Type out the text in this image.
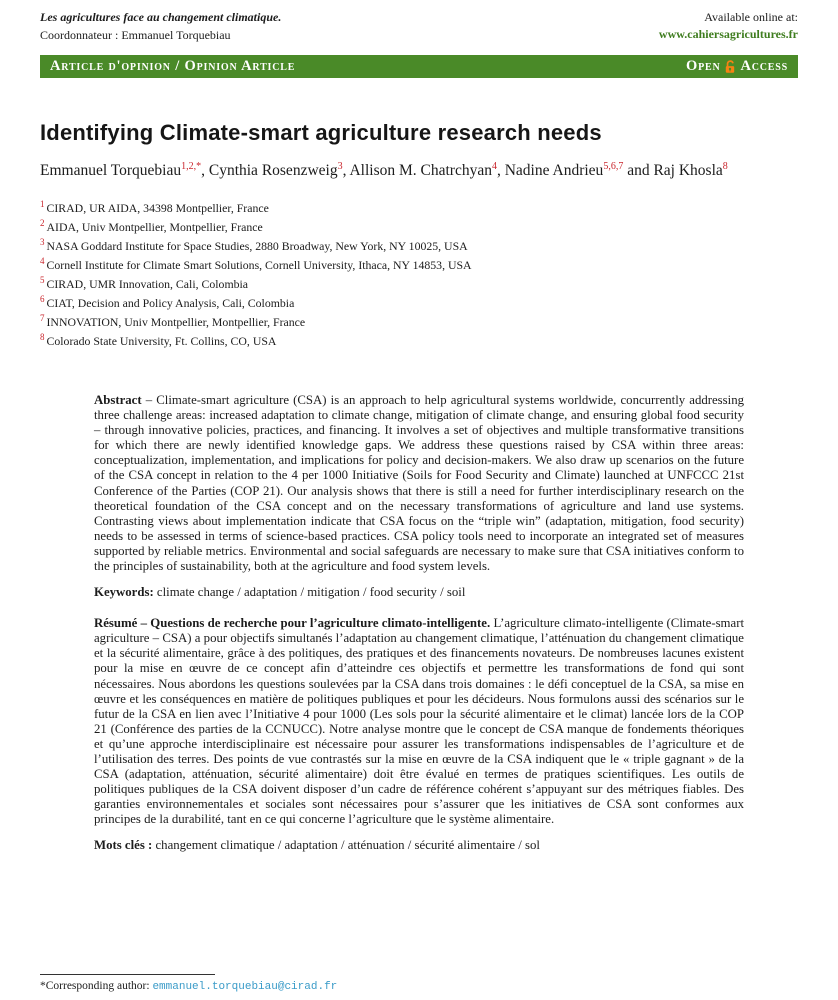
Les agricultures face au changement climatique.
Coordonnateur : Emmanuel Torquebiau
Available online at:
www.cahiersagricultures.fr
Article d'opinion / Opinion Article	Open Access
Identifying Climate-smart agriculture research needs

Emmanuel Torquebiau$^{1,2,*}$, Cynthia Rosenzweig$^3$, Allison M. Chatrchyan$^4$, Nadine Andrieu$^{5,6,7}$ and Raj Khosla$^8$

$^1$ CIRAD, UR AIDA, 34398 Montpellier, France
$^2$ AIDA, Univ Montpellier, Montpellier, France
$^3$ NASA Goddard Institute for Space Studies, 2880 Broadway, New York, NY 10025, USA
$^4$ Cornell Institute for Climate Smart Solutions, Cornell University, Ithaca, NY 14853, USA
$^5$ CIRAD, UMR Innovation, Cali, Colombia
$^6$ CIAT, Decision and Policy Analysis, Cali, Colombia
$^7$ INNOVATION, Univ Montpellier, Montpellier, France
$^8$ Colorado State University, Ft. Collins, CO, USA

Abstract – Climate-smart agriculture (CSA) is an approach to help agricultural systems worldwide, concurrently addressing three challenge areas: increased adaptation to climate change, mitigation of climate change, and ensuring global food security – through innovative policies, practices, and financing. It involves a set of objectives and multiple transformative transitions for which there are newly identified knowledge gaps. We address these questions raised by CSA within three areas: conceptualization, implementation, and implications for policy and decision-makers. We also draw up scenarios on the future of the CSA concept in relation to the 4 per 1000 Initiative (Soils for Food Security and Climate) launched at UNFCCC 21st Conference of the Parties (COP 21). Our analysis shows that there is still a need for further interdisciplinary research on the theoretical foundation of the CSA concept and on the necessary transformations of agriculture and land use systems. Contrasting views about implementation indicate that CSA focus on the “triple win” (adaptation, mitigation, food security) needs to be assessed in terms of science-based practices. CSA policy tools need to incorporate an integrated set of measures supported by reliable metrics. Environmental and social safeguards are necessary to make sure that CSA initiatives conform to the principles of sustainability, both at the agriculture and food system levels.

Keywords: climate change / adaptation / mitigation / food security / soil

Résumé – Questions de recherche pour l’agriculture climato-intelligente. L’agriculture climato-intelligente (Climate-smart agriculture – CSA) a pour objectifs simultanés l’adaptation au changement climatique, l’atténuation du changement climatique et la sécurité alimentaire, grâce à des politiques, des pratiques et des financements novateurs. De nombreuses lacunes existent pour la mise en œuvre de ce concept afin d’atteindre ces objectifs et permettre les transformations de fond qui sont nécessaires. Nous abordons les questions soulevées par la CSA dans trois domaines : le défi conceptuel de la CSA, sa mise en œuvre et les conséquences en matière de politiques publiques et pour les décideurs. Nous formulons aussi des scénarios sur le futur de la CSA en lien avec l’Initiative 4 pour 1000 (Les sols pour la sécurité alimentaire et le climat) lancée lors de la COP 21 (Conférence des parties de la CCNUCC). Notre analyse montre que le concept de CSA manque de fondements théoriques et qu’une approche interdisciplinaire est nécessaire pour assurer les transformations indispensables de l’agriculture et de l’utilisation des terres. Des points de vue contrastés sur la mise en œuvre de la CSA indiquent que le « triple gagnant » de la CSA (adaptation, atténuation, sécurité alimentaire) doit être évalué en termes de pratiques scientifiques. Les outils de politiques publiques de la CSA doivent disposer d’un cadre de référence cohérent s’appuyant sur des métriques fiables. Des garanties environnementales et sociales sont nécessaires pour s’assurer que les initiatives de CSA sont conformes aux principes de la durabilité, tant en ce qui concerne l’agriculture que le système alimentaire.

Mots clés : changement climatique / adaptation / atténuation / sécurité alimentaire / sol

*Corresponding author: emmanuel.torquebiau@cirad.fr
